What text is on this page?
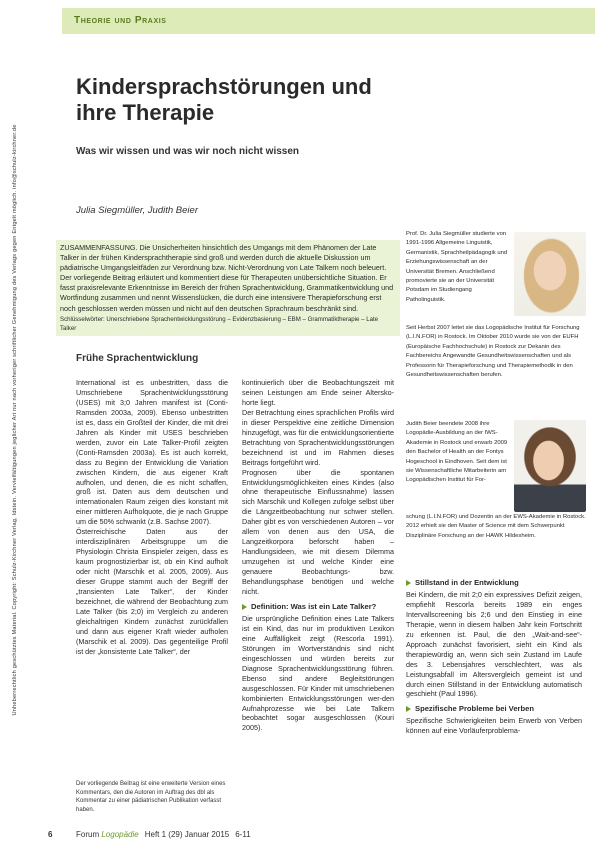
Unheberrechtlich geschütztes Material. Copyright: Schulz-Kirchner Verlag, Idstein. Vervielfältigungen jeglicher Art nur nach vorheriger schriftlicher Genehmigung des Verlags gegen Entgelt möglich. info@schulz-kirchner.de
Theorie und Praxis
Kindersprachstörungen und ihre Therapie
Was wir wissen und was wir noch nicht wissen
Julia Siegmüller, Judith Beier

ZUSAMMENFASSUNG. Die Unsicherheiten hinsichtlich des Umgangs mit dem Phänomen der Late Talker in der frühen Kindersprachtherapie sind groß und werden durch die aktuelle Diskussion um pädiatrische Umgangsleitfäden zur Verordnung bzw. Nicht-Verordnung von Late Talkern noch beleuert. Der vorliegende Beitrag erläutert und kommentiert diese für Therapeuten unübersichtliche Situation. Er fasst praxisrelevante Erkenntnisse im Bereich der frühen Sprachentwicklung, Grammatikentwicklung und Wortfindung zusammen und nennt Wissenslücken, die durch eine intensivere Therapieforschung erst noch geschlossen werden müssen und nicht auf den deutschen Sprachraum beschränkt sind.

Schlüsselwörter: Unerschriebene Sprachentwicklungsstörung – Evidenzbasierung – EBM – Grammatiktherapie – Late Talker

Frühe Sprachentwicklung

International ist es unbestritten, dass die Umschriebene Sprachentwicklungsstörung (USES) mit 3;0 Jahren manifest ist (Conti-Ramsden 2003a, 2009). Ebenso unbestritten ist es, dass ein Großteil der Kinder, die mit drei Jahren als Kinder mit USES beschrieben werden, zuvor ein Late Talker-Profil zeigten (Conti-Ramsden 2003a). Es ist auch korrekt, dass zu Beginn der Entwicklung die Variation zwischen Kindern, die aus eigener Kraft aufholen, und denen, die es nicht schaffen, groß ist. Daten aus dem deutschen und internationalen Raum zeigen dies konstant mit einer mittleren Aufholquote, die je nach Gruppe um die 50% schwankt (z.B. Sachse 2007).

Österreichische Daten aus der interdisziplinären Arbeitsgruppe um die Physiologin Christa Einspieler zeigen, dass es kaum prognostizierbar ist, ob ein Kind aufholt oder nicht (Marschik et al. 2005, 2009). Aus dieser Gruppe stammt auch der Begriff der „transienten Late Talker“, der Kinder bezeichnet, die während der Beobachtung zum Late Talker (bis 2;0) im Vergleich zu anderen gleichaltrigen Kindern zunächst zurückfallen und dann aus eigener Kraft wieder aufholen (Marschik et al. 2009). Das gegenteilige Profil ist der „konsistente Late Talker“, der

kontinuierlich über die Beobachtungszeit mit seinen Leistungen am Ende seiner Altersko-horte liegt.

Der Betrachtung eines sprachlichen Profils wird in dieser Perspektive eine zeitliche Dimension hinzugefügt, was für die entwicklungsorientierte Betrachtung von Sprachentwicklungsstörungen bezeichnend ist und im Rahmen dieses Beitrags fortgeführt wird.

Prognosen über die spontanen Entwicklungsmöglichkeiten eines Kindes (also ohne therapeutische Einflussnahme) lassen sich Marschik und Kollegen zufolge selbst über die Längzeitbeobachtung nur schwer stellen. Daher gibt es von verschiedenen Autoren – vor allem von denen aus den USA, die Langzeitkorpora beforscht haben – Handlungsideen, wie mit diesem Dilemma umzugehen ist und welche Kinder eine genauere Beobachtungs- bzw. Behandlungsphase benötigen und welche nicht.

Definition: Was ist ein Late Talker?

Die ursprüngliche Definition eines Late Talkers ist ein Kind, das nur im produktiven Lexikon eine Auffälligkeit zeigt (Rescorla 1991). Störungen im Wortverständnis sind nicht eingeschlossen und würden bereits zur Diagnose Sprachentwicklungsstörung führen. Ebenso sind andere Begleitstörungen ausgeschlossen. Für Kinder mit umschriebenen kombinierten Entwicklungsstörungen wer-den Aufnahprozesse wie bei Late Talkern beobachtet sogar ausgeschlossen (Kouri 2005).

Prof. Dr. Julia Siegmüller studierte von 1991-1996 Allgemeine Linguistik, Germanistik, Sprachheilpädagogik und Erziehungswissenschaft an der Universität Bremen. Anschließend promovierte sie an der Universität Potsdam im Studiengang Patholinguistik.
Seit Herbst 2007 leitet sie das Logopädische Institut für Forschung (L.I.N.FOR) in Rostock. Im Oktober 2010 wurde sie von der EUFH (Europäische Fachhochschule) in Rostock zur Dekanin des Fachbereichs Angewandte Gesundheitswissenschaften und als Professorin für Therapieforschung und Therapiemethodik in den Gesundheitswissenschaften berufen.
Judith Beier beendete 2008 ihre Logopädie-Ausbildung an der IWS-Akademie in Rostock und erwarb 2009 den Bachelor of Health an der Fontys Hogeschool in Eindhoven. Seit dem ist sie Wissenschaftliche Mitarbeiterin am Logopädischen Institut für For-
schung (L.I.N.FOR) und Dozentin an der EWS-Akademie in Rostock. 2012 erhielt sie den Master of Science mit dem Schwerpunkt Disziplinäre Forschung an der HAWK Hildesheim.
Stillstand in der Entwicklung

Bei Kindern, die mit 2;0 ein expressives Defizit zeigen, empfiehlt Rescorla bereits 1989 ein enges Intervallscreening bis 2;6 und den Einstieg in eine Therapie, wenn in diesem halben Jahr kein Fortschritt zu erkennen ist. Paul, die den „Wait-and-see“-Approach zunächst favorisiert, sieht ein Kind als therapiewürdig an, wenn sich sein Zustand im Laufe des 3. Lebensjahres verschlechtert, was als Leistungsabfall im Altersvergleich gemeint ist und durch einen Stillstand in der Entwicklung automatisch geschieht (Paul 1996).

Spezifische Probleme bei Verben

Spezifische Schwierigkeiten beim Erwerb von Verben können auf eine Vorläuferproblema-

Der vorliegende Beitrag ist eine erweiterte Version eines Kommentars, den die Autoren im Auftrag des dbl als Kommentar zu einer pädiatrischen Publikation verfasst haben.
6	Forum Logopädie Heft 1 (29) Januar 2015 6-11
